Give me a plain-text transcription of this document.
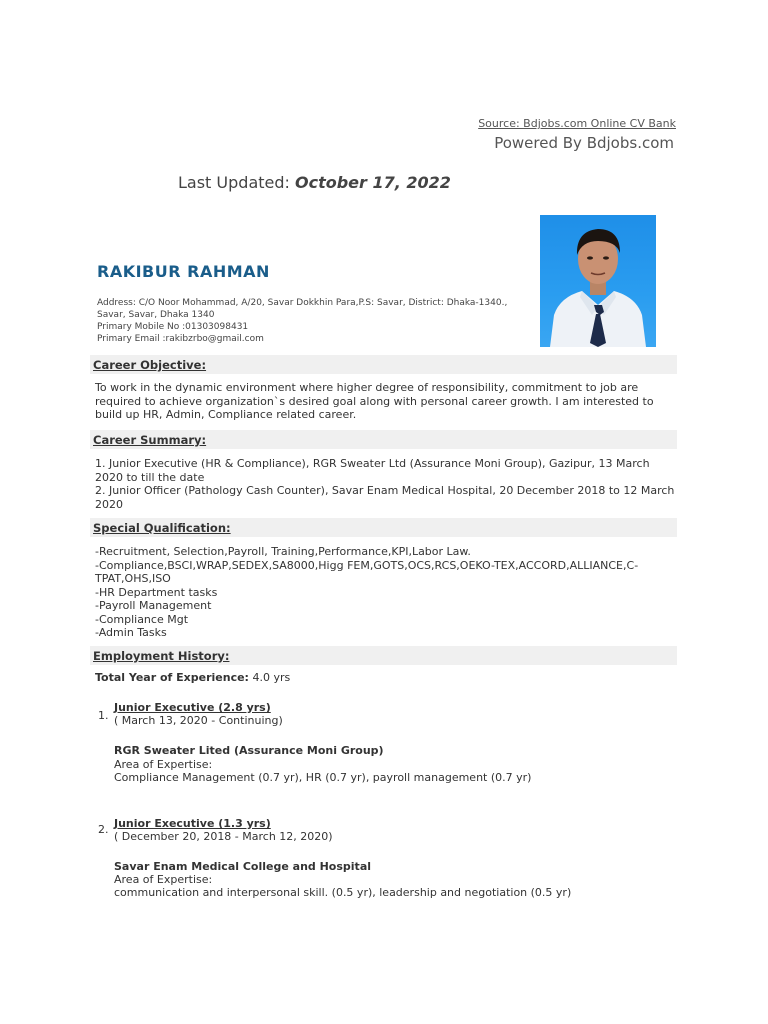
Source: Bdjobs.com Online CV Bank
Powered By Bdjobs.com
Last Updated: October 17, 2022
RAKIBUR RAHMAN
Address: C/O Noor Mohammad, A/20, Savar Dokkhin Para,P.S: Savar, District: Dhaka-1340.,
Savar, Savar, Dhaka 1340
Primary Mobile No :01303098431
Primary Email :rakibzrbo@gmail.com
Career Objective:
To work in the dynamic environment where higher degree of responsibility, commitment to job are required to achieve organization`s desired goal along with personal career growth. I am interested to build up HR, Admin, Compliance related career.
Career Summary:
1. Junior Executive (HR & Compliance), RGR Sweater Ltd (Assurance Moni Group), Gazipur, 13 March 2020 to till the date
2. Junior Officer (Pathology Cash Counter), Savar Enam Medical Hospital, 20 December 2018 to 12 March 2020
Special Qualification:
-Recruitment, Selection,Payroll, Training,Performance,KPI,Labor Law.
-Compliance,BSCI,WRAP,SEDEX,SA8000,Higg FEM,GOTS,OCS,RCS,OEKO-TEX,ACCORD,ALLIANCE,C-TPAT,OHS,ISO
-HR Department tasks
-Payroll Management
-Compliance Mgt
-Admin Tasks
Employment History:
Total Year of Experience: 4.0 yrs
1.
Junior Executive (2.8 yrs)
( March 13, 2020 - Continuing)
RGR Sweater Lited (Assurance Moni Group)
Area of Expertise:
Compliance Management (0.7 yr), HR (0.7 yr), payroll management (0.7 yr)
2. Junior Executive (1.3 yrs)
( December 20, 2018 - March 12, 2020)
Savar Enam Medical College and Hospital
Area of Expertise:
communication and interpersonal skill. (0.5 yr), leadership and negotiation (0.5 yr)
